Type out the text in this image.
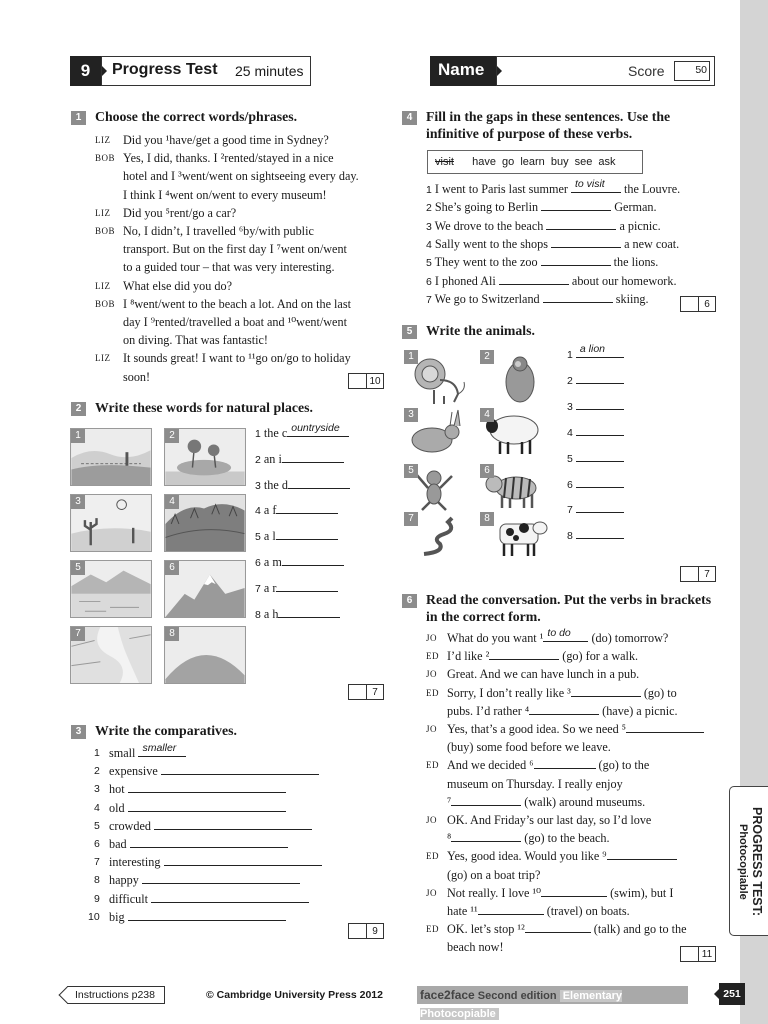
PROGRESS TEST:
Photocopiable
9	Progress Test 25 minutes	Name	Score	50
1 Choose the correct words/phrases.
LIZ Did you ¹have/get a good time in Sydney?
BOB Yes, I did, thanks. I ²rented/stayed in a nice
hotel and I ³went/went on sightseeing every day.
I think I ⁴went on/went to every museum!
LIZ Did you ⁵rent/go a car?
BOB No, I didn’t, I travelled ⁶by/with public
transport. But on the first day I ⁷went on/went
to a guided tour – that was very interesting.
LIZ What else did you do?
BOB I ⁸went/went to the beach a lot. And on the last
day I ⁹rented/travelled a boat and ¹⁰went/went
on diving. That was fantastic!
LIZ It sounds great! I want to ¹¹go on/go to holiday
soon!	10
2 Write these words for natural places.
1	2
3	4
5	6
7	8
1 the c ountryside
2 an i
3 the d
4 a f
5 a l
6 a m
7 a r
8 a h
7
3 Write the comparatives.
1 small smaller
2 expensive
3 hot
4 old
5 crowded
6 bad
7 interesting
8 happy
9 difficult
10 big
9
4 Fill in the gaps in these sentences. Use the
infinitive of purpose of these verbs.
visit have go learn buy see ask
1 I went to Paris last summer to visit the Louvre.
2 She’s going to Berlin	German.
3 We drove to the beach	a picnic.
4 Sally went to the shops	a new coat.
5 They went to the zoo	the lions.
6 I phoned Ali	about our homework.
7 We go to Switzerland	skiing.	6
5 Write the animals.
1	2
3	4
5	6
7	8
1 a lion
2
3
4
5
6
7
8
7
6 Read the conversation. Put the verbs in brackets
in the correct form.
JO What do you want ¹ to do (do) tomorrow?
ED I’d like ²	(go) for a walk.
JO Great. And we can have lunch in a pub.
ED Sorry, I don’t really like ³	(go) to
pubs. I’d rather ⁴	(have) a picnic.
JO Yes, that’s a good idea. So we need ⁵
(buy) some food before we leave.
ED And we decided ⁶	(go) to the
museum on Thursday. I really enjoy
⁷	(walk) around museums.
JO OK. And Friday’s our last day, so I’d love
⁸	(go) to the beach.
ED Yes, good idea. Would you like ⁹
(go) on a boat trip?
JO Not really. I love ¹⁰	(swim), but I
hate ¹¹	(travel) on boats.
ED OK. let’s stop ¹²	(talk) and go to the
beach now!
11
Instructions p238	© Cambridge University Press 2012	face2face Second edition Elementary Photocopiable
251
